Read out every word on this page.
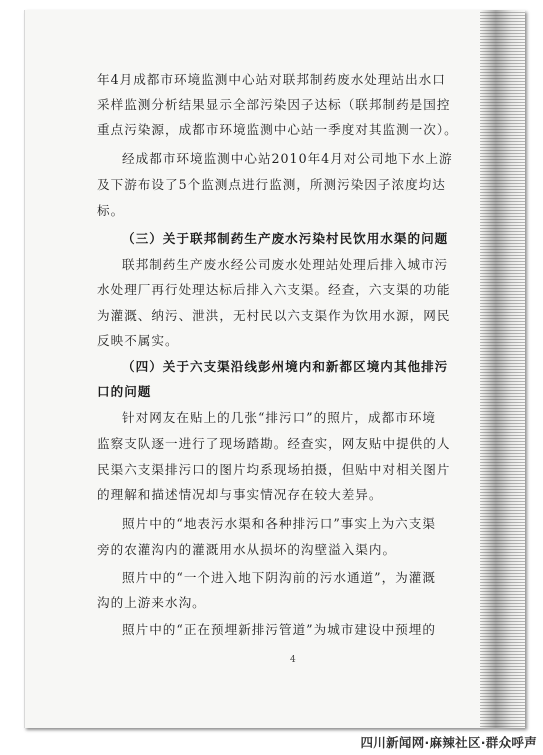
年4月成都市环境监测中心站对联邦制药废水处理站出水口

采样监测分析结果显示全部污染因子达标（联邦制药是国控

重点污染源，成都市环境监测中心站一季度对其监测一次）。

经成都市环境监测中心站2010年4月对公司地下水上游

及下游布设了5个监测点进行监测，所测污染因子浓度均达

标。

（三）关于联邦制药生产废水污染村民饮用水渠的问题

联邦制药生产废水经公司废水处理站处理后排入城市污

水处理厂再行处理达标后排入六支渠。经查，六支渠的功能

为灌溉、纳污、泄洪，无村民以六支渠作为饮用水源，网民

反映不属实。

（四）关于六支渠沿线彭州境内和新都区境内其他排污

口的问题

针对网友在贴上的几张“排污口”的照片，成都市环境

监察支队逐一进行了现场踏勘。经查实，网友贴中提供的人

民渠六支渠排污口的图片均系现场拍摄，但贴中对相关图片

的理解和描述情况却与事实情况存在较大差异。

照片中的“地表污水渠和各种排污口”事实上为六支渠

旁的农灌沟内的灌溉用水从损坏的沟壁溢入渠内。

照片中的“一个进入地下阴沟前的污水通道”，为灌溉

沟的上游来水沟。

照片中的“正在预埋新排污管道”为城市建设中预埋的

4
四川新闻网·麻辣社区·群众呼声
